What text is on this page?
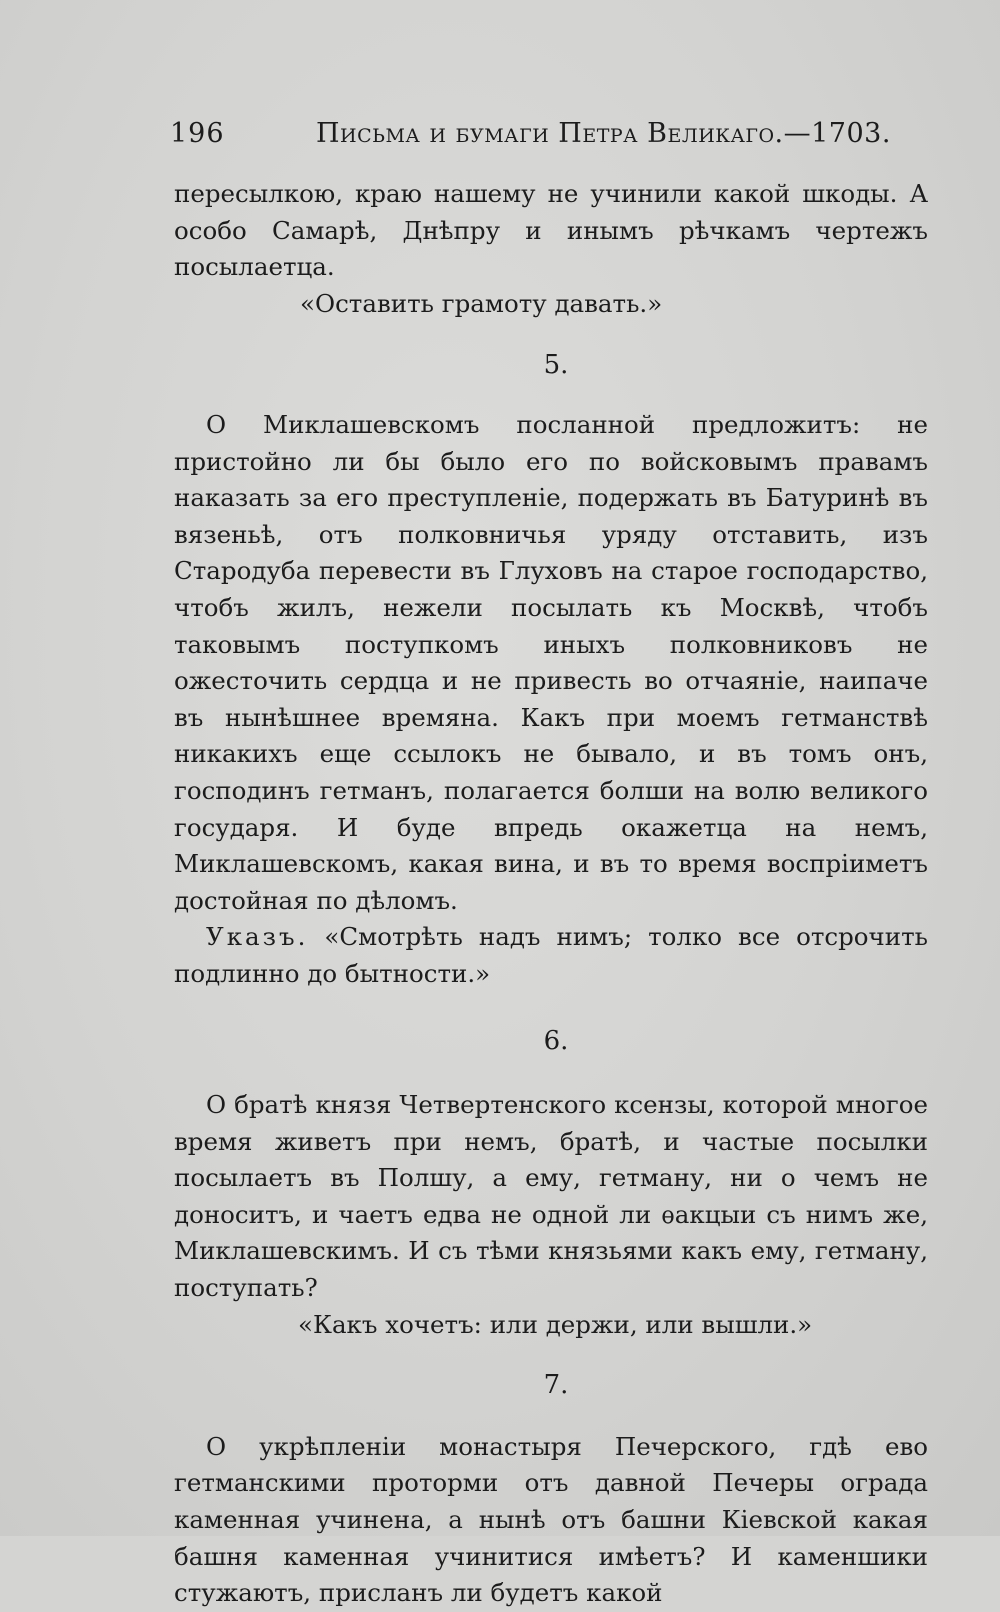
196	Письма и бумаги Петра Великаго.—1703.

пересылкою, краю нашему не учинили какой шкоды. А особо Самарѣ, Днѣпру и инымъ рѣчкамъ чертежъ посылаетца.

«Оставить грамоту давать.»

5.

О Миклашевскомъ посланной предложитъ: не пристойно ли бы было его по войсковымъ правамъ наказать за его преступленіе, подержать въ Батуринѣ въ вязеньѣ, отъ полковничья уряду отставить, изъ Стародуба перевести въ Глуховъ на старое господарство, чтобъ жилъ, нежели посылать къ Москвѣ, чтобъ таковымъ поступкомъ иныхъ полковниковъ не ожесточить сердца и не привесть во отчаяніе, наипаче въ нынѣшнее времяна. Какъ при моемъ гетманствѣ никакихъ еще ссылокъ не бывало, и въ томъ онъ, господинъ гетманъ, полагается болши на волю великого государя. И буде впредь окажетца на немъ, Миклашевскомъ, какая вина, и въ то время воспріиметъ достойная по дѣломъ.

Указъ. «Смотрѣть надъ нимъ; толко все отсрочить подлинно до бытности.»

6.

О братѣ князя Четвертенского ксензы, которой многое время живетъ при немъ, братѣ, и частые посылки посылаетъ въ Полшу, а ему, гетману, ни о чемъ не доноситъ, и чаетъ едва не одной ли ѳакцыи съ нимъ же, Миклашевскимъ. И съ тѣми князьями какъ ему, гетману, поступать?

«Какъ хочетъ: или держи, или вышли.»

7.

О укрѣпленіи монастыря Печерского, гдѣ ево гетманскими проторми отъ давной Печеры ограда каменная учинена, а нынѣ отъ башни Кіевской какая башня каменная учинитися имѣетъ? И каменшики стужаютъ, присланъ ли будетъ какой
